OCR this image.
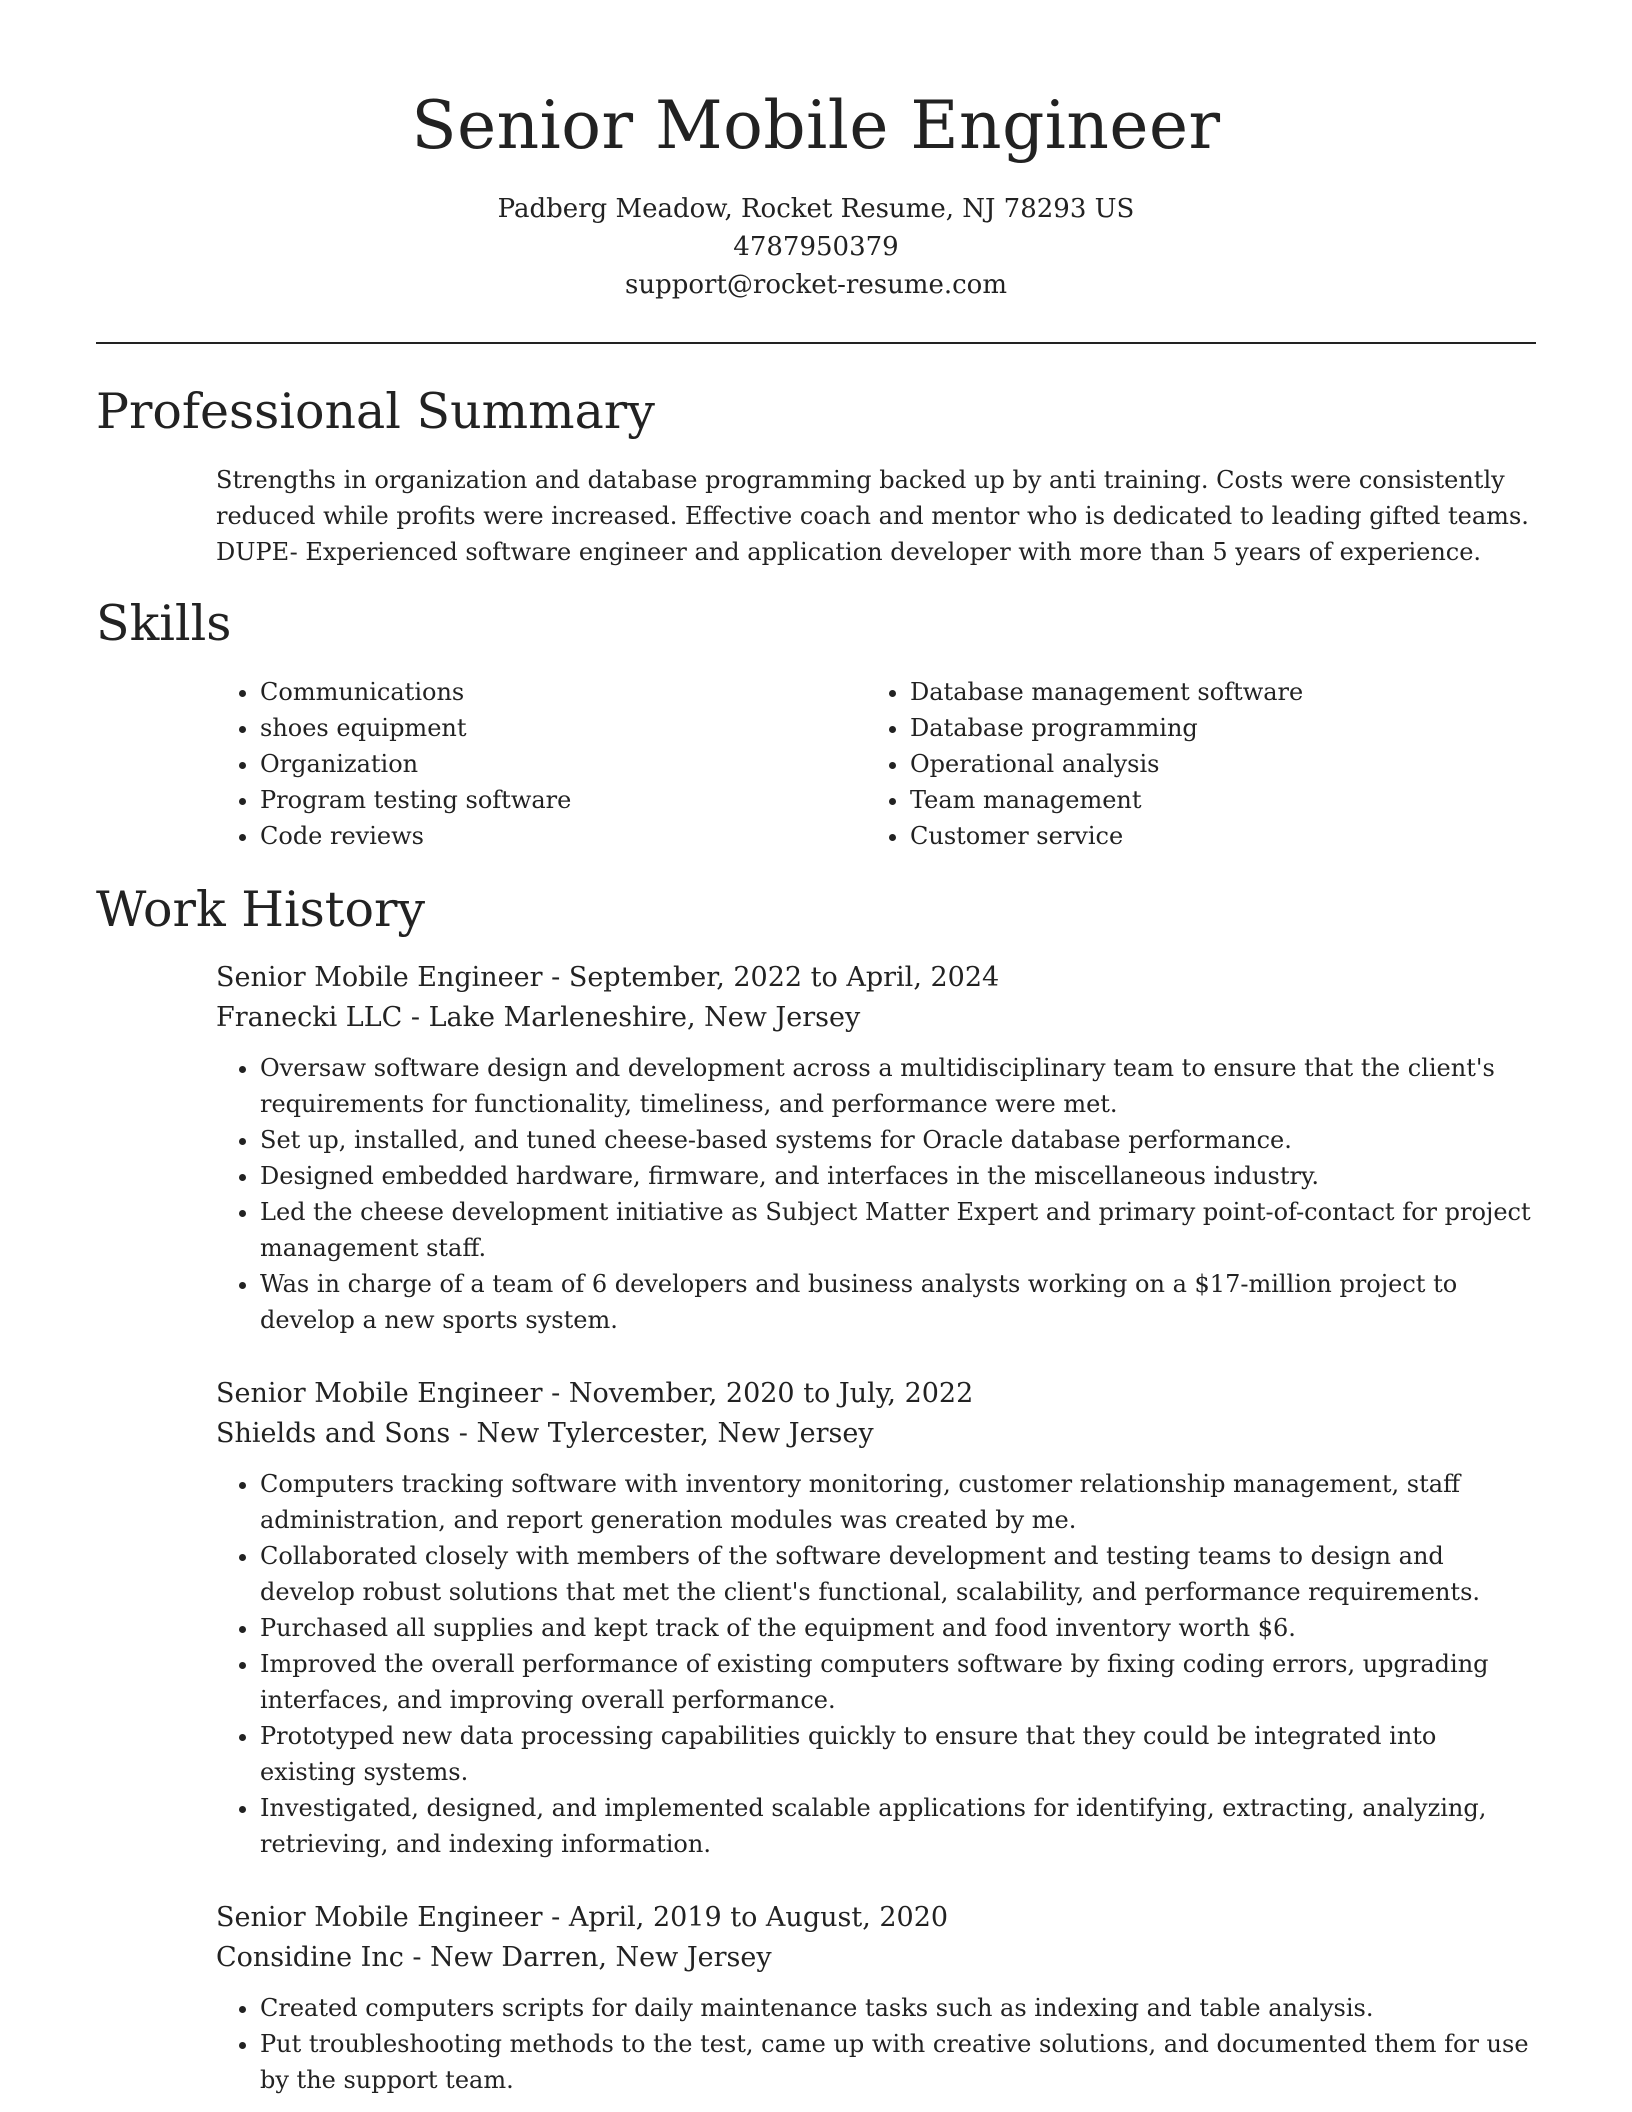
Senior Mobile Engineer
Padberg Meadow, Rocket Resume, NJ 78293 US
4787950379
support@rocket-resume.com
Professional Summary

Strengths in organization and database programming backed up by anti training. Costs were consistently reduced while profits were increased. Effective coach and mentor who is dedicated to leading gifted teams. DUPE- Experienced software engineer and application developer with more than 5 years of experience.

Skills
• Communications
• shoes equipment
• Organization
• Program testing software
• Code reviews
• Database management software
• Database programming
• Operational analysis
• Team management
• Customer service
Work History
Senior Mobile Engineer - September, 2022 to April, 2024
Franecki LLC - Lake Marleneshire, New Jersey
• Oversaw software design and development across a multidisciplinary team to ensure that the client's requirements for functionality, timeliness, and performance were met.
• Set up, installed, and tuned cheese-based systems for Oracle database performance.
• Designed embedded hardware, firmware, and interfaces in the miscellaneous industry.
• Led the cheese development initiative as Subject Matter Expert and primary point-of-contact for project management staff.
• Was in charge of a team of 6 developers and business analysts working on a $17-million project to develop a new sports system.
Senior Mobile Engineer - November, 2020 to July, 2022
Shields and Sons - New Tylercester, New Jersey
• Computers tracking software with inventory monitoring, customer relationship management, staff administration, and report generation modules was created by me.
• Collaborated closely with members of the software development and testing teams to design and develop robust solutions that met the client's functional, scalability, and performance requirements.
• Purchased all supplies and kept track of the equipment and food inventory worth $6.
• Improved the overall performance of existing computers software by fixing coding errors, upgrading interfaces, and improving overall performance.
• Prototyped new data processing capabilities quickly to ensure that they could be integrated into existing systems.
• Investigated, designed, and implemented scalable applications for identifying, extracting, analyzing, retrieving, and indexing information.
Senior Mobile Engineer - April, 2019 to August, 2020
Considine Inc - New Darren, New Jersey
• Created computers scripts for daily maintenance tasks such as indexing and table analysis.
• Put troubleshooting methods to the test, came up with creative solutions, and documented them for use by the support team.
